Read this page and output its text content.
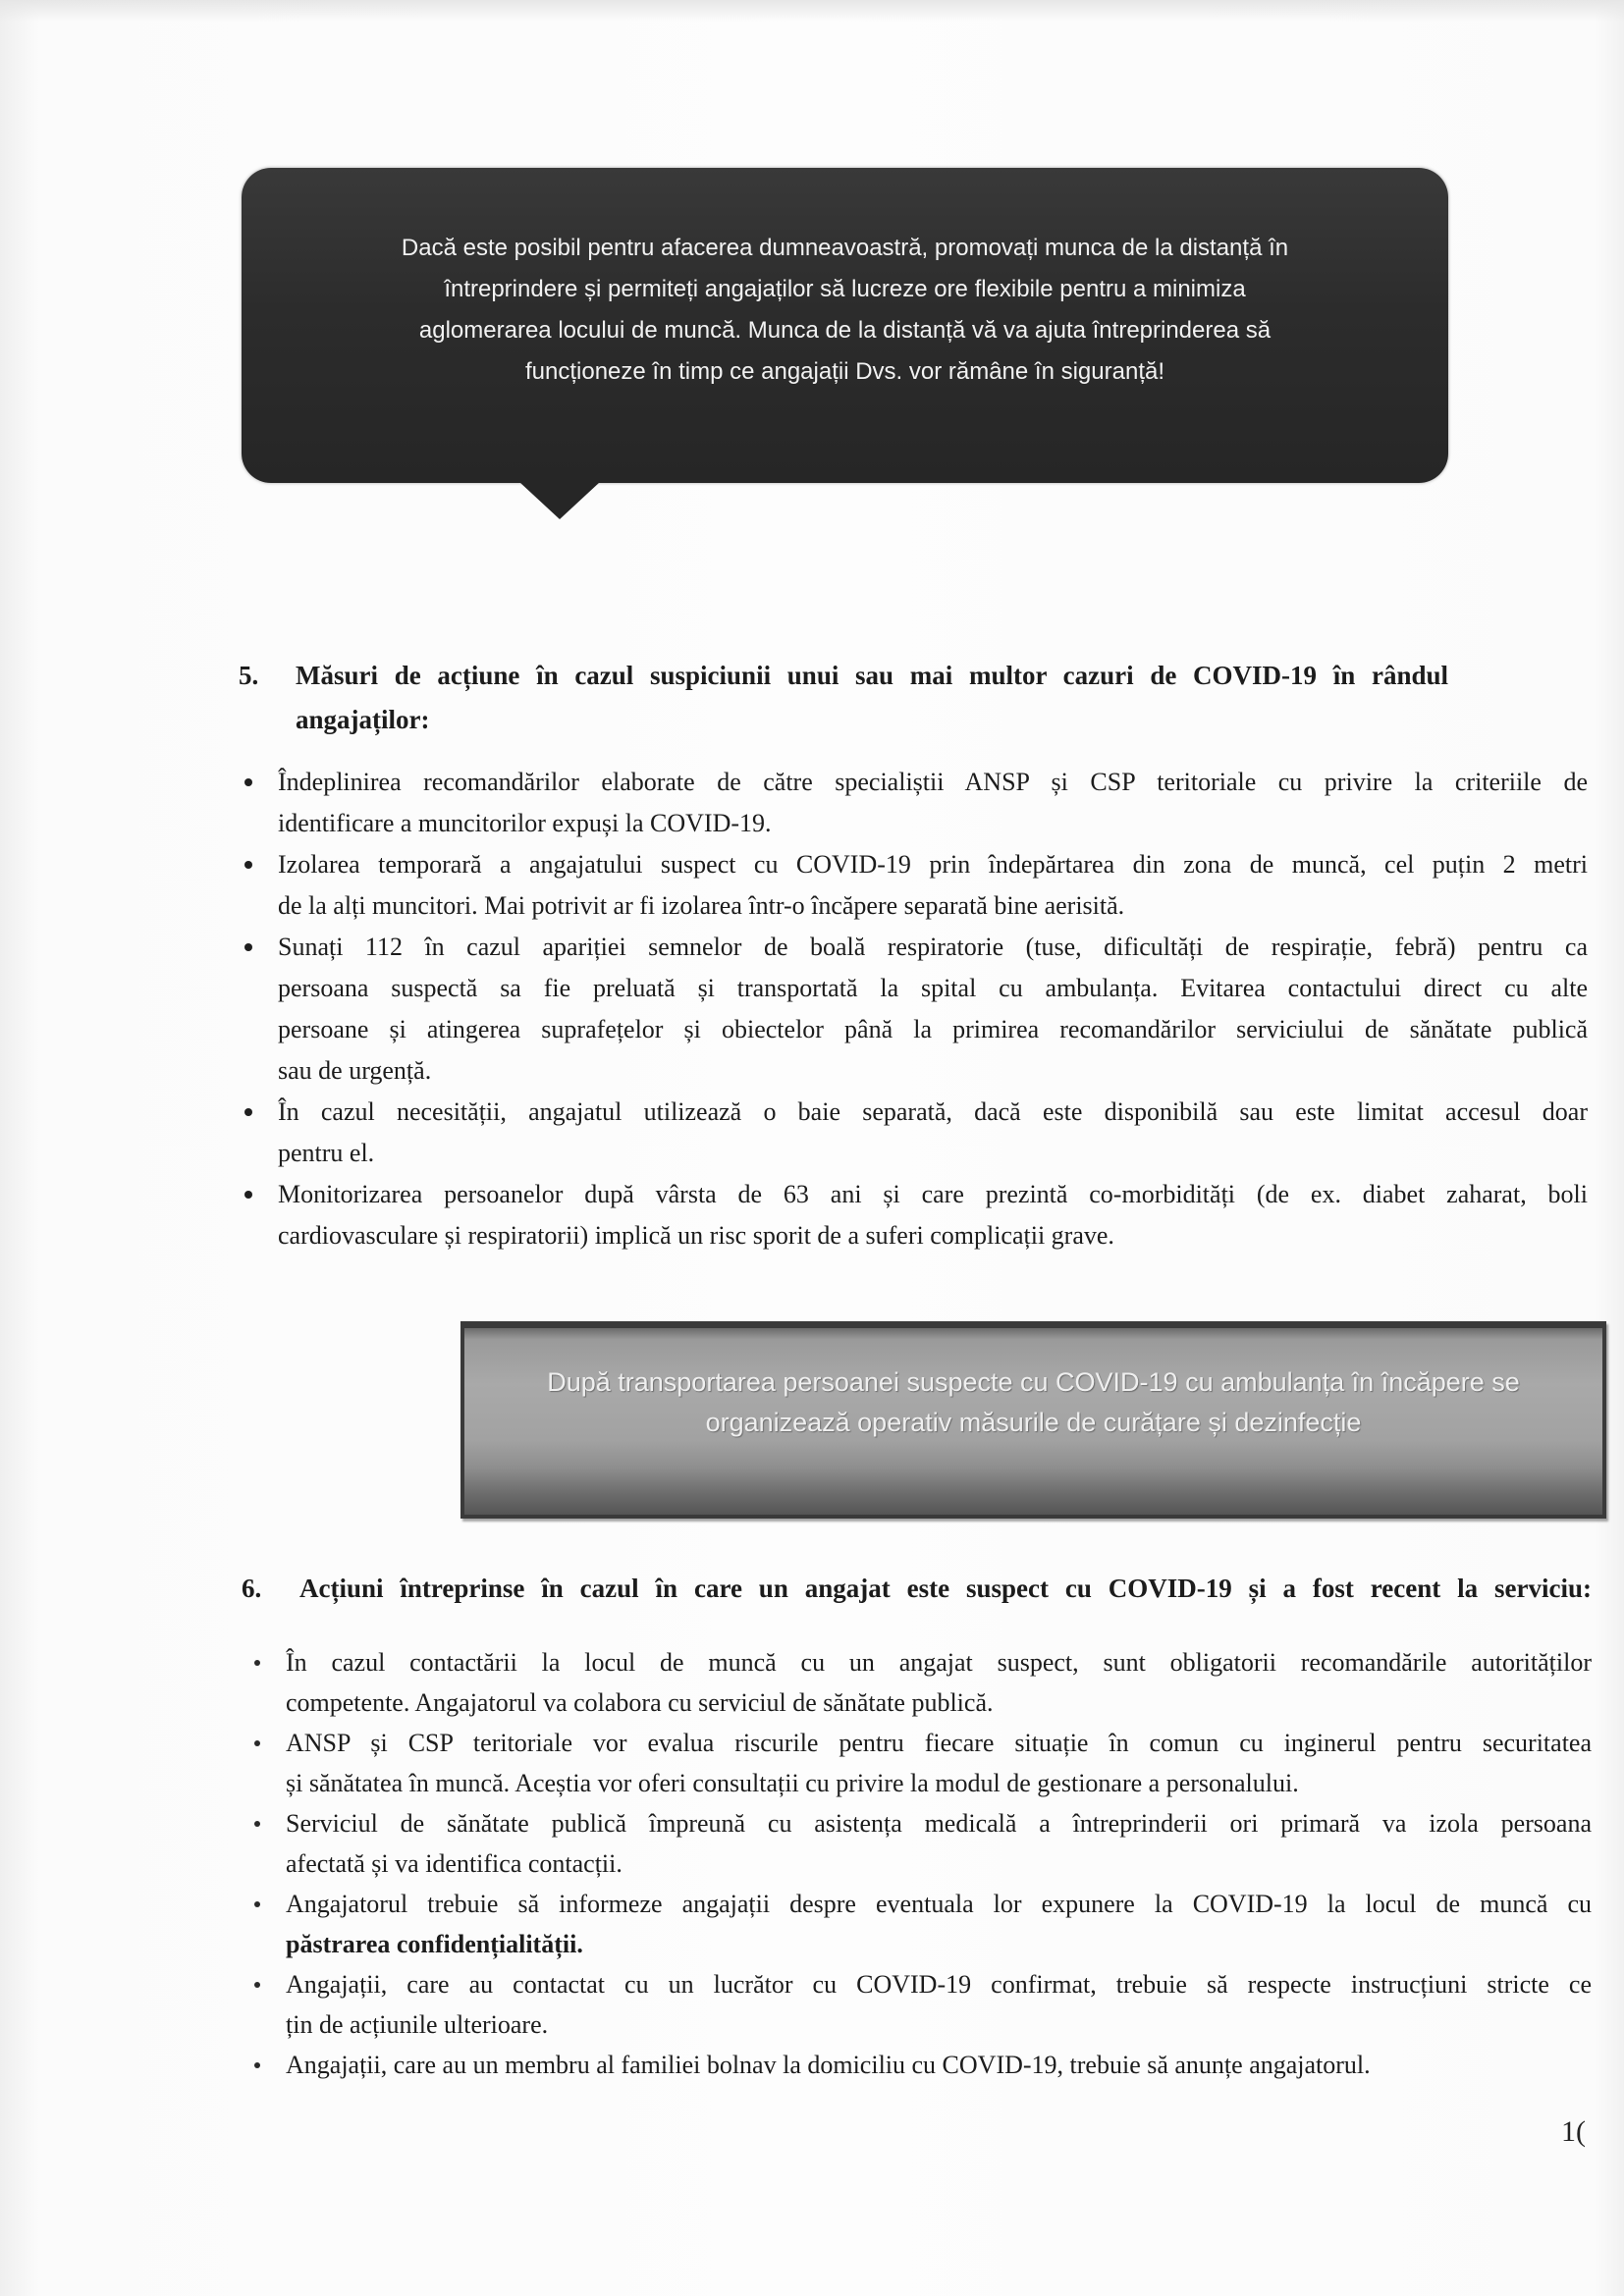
Dacă este posibil pentru afacerea dumneavoastră, promovați munca de la distanță în
întreprindere și permiteți angajaților să lucreze ore flexibile pentru a minimiza
aglomerarea locului de muncă. Munca de la distanță vă va ajuta întreprinderea să
funcționeze în timp ce angajații Dvs. vor rămâne în siguranță!
5. Măsuri de acțiune în cazul suspiciunii unui sau mai multor cazuri de COVID-19 în rândul
angajaților:
Îndeplinirea recomandărilor elaborate de către specialiștii ANSP și CSP teritoriale cu privire la criteriile de
identificare a muncitorilor expuși la COVID-19.
Izolarea temporară a angajatului suspect cu COVID-19 prin îndepărtarea din zona de muncă, cel puțin 2 metri
de la alți muncitori. Mai potrivit ar fi izolarea într-o încăpere separată bine aerisită.
Sunați 112 în cazul apariției semnelor de boală respiratorie (tuse, dificultăți de respirație, febră) pentru ca
persoana suspectă sa fie preluată și transportată la spital cu ambulanța. Evitarea contactului direct cu alte
persoane și atingerea suprafețelor și obiectelor până la primirea recomandărilor serviciului de sănătate publică
sau de urgență.
În cazul necesității, angajatul utilizează o baie separată, dacă este disponibilă sau este limitat accesul doar
pentru el.
Monitorizarea persoanelor după vârsta de 63 ani și care prezintă co-morbidități (de ex. diabet zaharat, boli
cardiovasculare și respiratorii) implică un risc sporit de a suferi complicații grave.
După transportarea persoanei suspecte cu COVID-19 cu ambulanța în încăpere se
organizează operativ măsurile de curățare și dezinfecție
6. Acțiuni întreprinse în cazul în care un angajat este suspect cu COVID-19 și a fost recent la serviciu:
În cazul contactării la locul de muncă cu un angajat suspect, sunt obligatorii recomandările autorităților
competente. Angajatorul va colabora cu serviciul de sănătate publică.
ANSP și CSP teritoriale vor evalua riscurile pentru fiecare situație în comun cu inginerul pentru securitatea
și sănătatea în muncă. Aceștia vor oferi consultații cu privire la modul de gestionare a personalului.
Serviciul de sănătate publică împreună cu asistența medicală a întreprinderii ori primară va izola persoana
afectată și va identifica contacții.
Angajatorul trebuie să informeze angajații despre eventuala lor expunere la COVID-19 la locul de muncă cu
păstrarea confidențialității.
Angajații, care au contactat cu un lucrător cu COVID-19 confirmat, trebuie să respecte instrucțiuni stricte ce
țin de acțiunile ulterioare.
Angajații, care au un membru al familiei bolnav la domiciliu cu COVID-19, trebuie să anunțe angajatorul.
1(
